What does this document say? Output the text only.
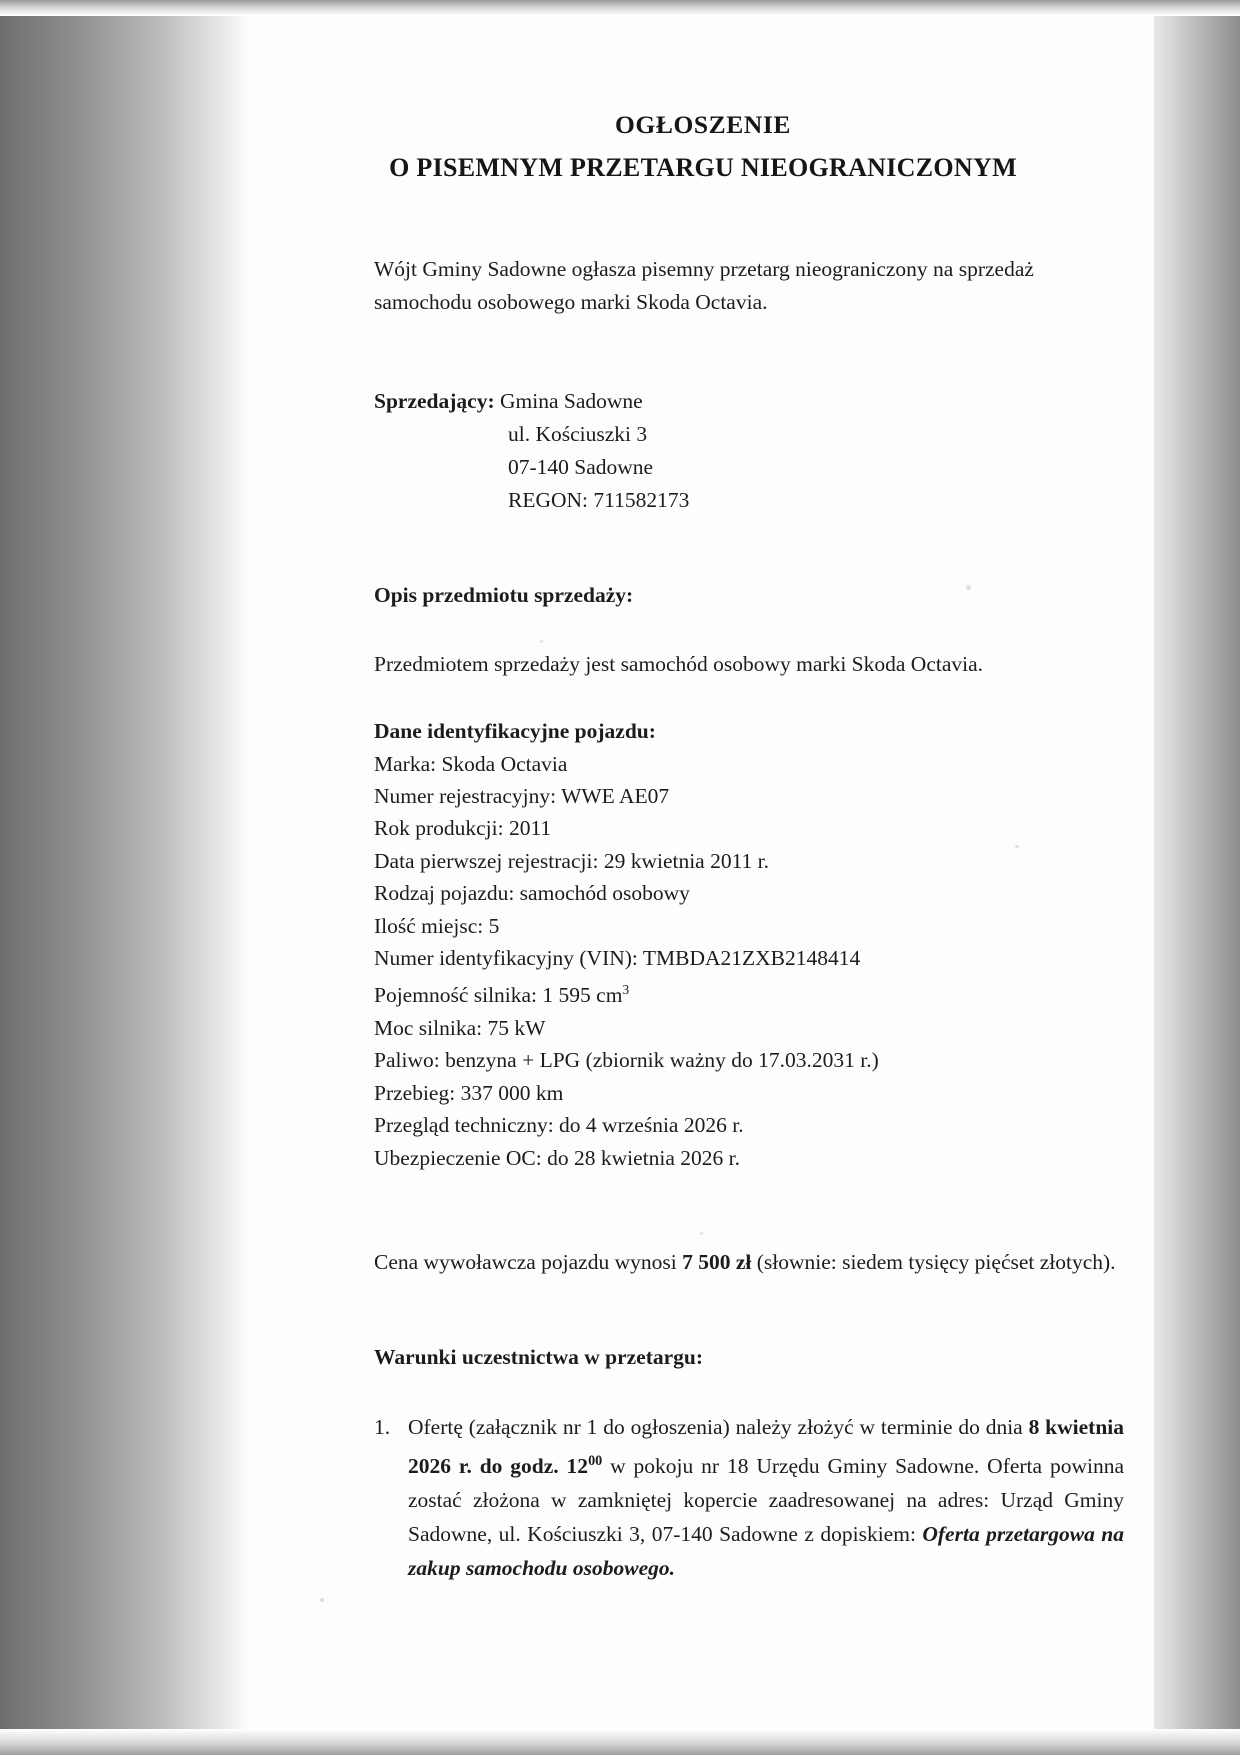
OGŁOSZENIE
O PISEMNYM PRZETARGU NIEOGRANICZONYM

Wójt Gminy Sadowne ogłasza pisemny przetarg nieograniczony na sprzedaż samochodu osobowego marki Skoda Octavia.

Sprzedający: Gmina Sadowne
ul. Kościuszki 3
07-140 Sadowne
REGON: 711582173
Opis przedmiotu sprzedaży:

Przedmiotem sprzedaży jest samochód osobowy marki Skoda Octavia.

Dane identyfikacyjne pojazdu:
Marka: Skoda Octavia
Numer rejestracyjny: WWE AE07
Rok produkcji: 2011
Data pierwszej rejestracji: 29 kwietnia 2011 r.
Rodzaj pojazdu: samochód osobowy
Ilość miejsc: 5
Numer identyfikacyjny (VIN): TMBDA21ZXB2148414
Pojemność silnika: 1 595 $cm^3$
Moc silnika: 75 kW
Paliwo: benzyna + LPG (zbiornik ważny do 17.03.2031 r.)
Przebieg: 337 000 km
Przegląd techniczny: do 4 września 2026 r.
Ubezpieczenie OC: do 28 kwietnia 2026 r.

Cena wywoławcza pojazdu wynosi 7 500 zł (słownie: siedem tysięcy pięćset złotych).

Warunki uczestnictwa w przetargu:
1. Ofertę (załącznik nr 1 do ogłoszenia) należy złożyć w terminie do dnia 8 kwietnia 2026 r. do godz. $12^{00}$ w pokoju nr 18 Urzędu Gminy Sadowne. Oferta powinna zostać złożona w zamkniętej kopercie zaadresowanej na adres: Urząd Gminy Sadowne, ul. Kościuszki 3, 07-140 Sadowne z dopiskiem: Oferta przetargowa na zakup samochodu osobowego.
